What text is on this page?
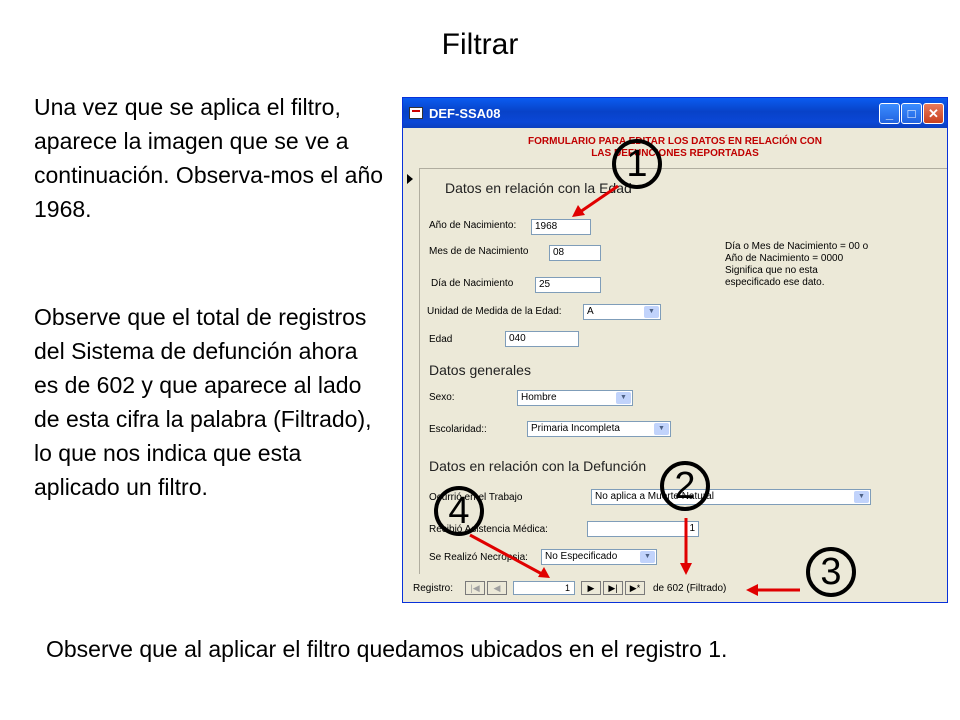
Filtrar

Una vez que se aplica el filtro, aparece la imagen que se ve a continuación. Observa-mos el año 1968.

Observe que el total de registros del Sistema de defunción ahora es de 602 y que aparece al lado de esta cifra la palabra (Filtrado), lo que nos indica que esta aplicado un filtro.

Observe que al aplicar el filtro quedamos ubicados en el registro 1.
DEF-SSA08	_	□ ✕
FORMULARIO PARA EDITAR LOS DATOS EN RELACIÓN CON
LAS DEFUNCIONES REPORTADAS
Datos en relación con la Edad
Año de Nacimiento:	1968
Mes de de Nacimiento	08
Día de Nacimiento	25
Día o Mes de Nacimiento = 00 o
Año de Nacimiento = 0000
Significa que no esta
especificado ese dato.
Unidad de Medida de la Edad:	A	▼
Edad	040
Datos generales
Sexo:	Hombre	▼
Escolaridad::	Primaria Incompleta	▼
Datos en relación con la Defunción
Ocurrió en el Trabajo	No aplica a Muerte Natural	▼
Recibió Asistencia Médica:	1
Se Realizó Necropsia:	No Especificado	▼
Registro:	|◀	◀	1	▶	▶|	▶*	de 602 (Filtrado)
1
2
3
4
